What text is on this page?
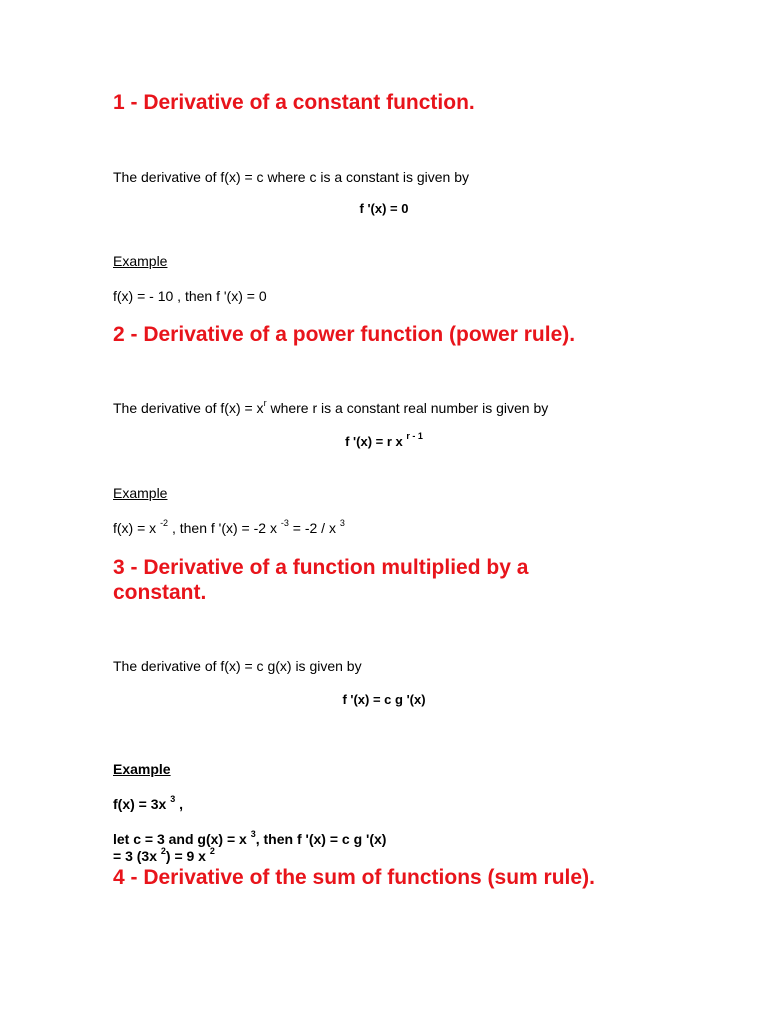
1 - Derivative of a constant function.
The derivative of f(x) = c where c is a constant is given by
f '(x) = 0
Example
f(x) = - 10 , then f '(x) = 0
2 - Derivative of a power function (power rule).
The derivative of $f(x) = x^r$ where r is a constant real number is given by
f '(x) = r x $^{r - 1}$
Example
f(x) = x $^{-2}$ , then f '(x) = -2 x $^{-3}$ = -2 / x $^3$
3 - Derivative of a function multiplied by a
constant.
The derivative of f(x) = c g(x) is given by
f '(x) = c g '(x)
Example
f(x) = 3x $^3$ ,
let c = 3 and g(x) = x $^3$, then f '(x) = c g '(x)
= 3 (3x $^2$) = 9 x $^2$
4 - Derivative of the sum of functions (sum rule).
